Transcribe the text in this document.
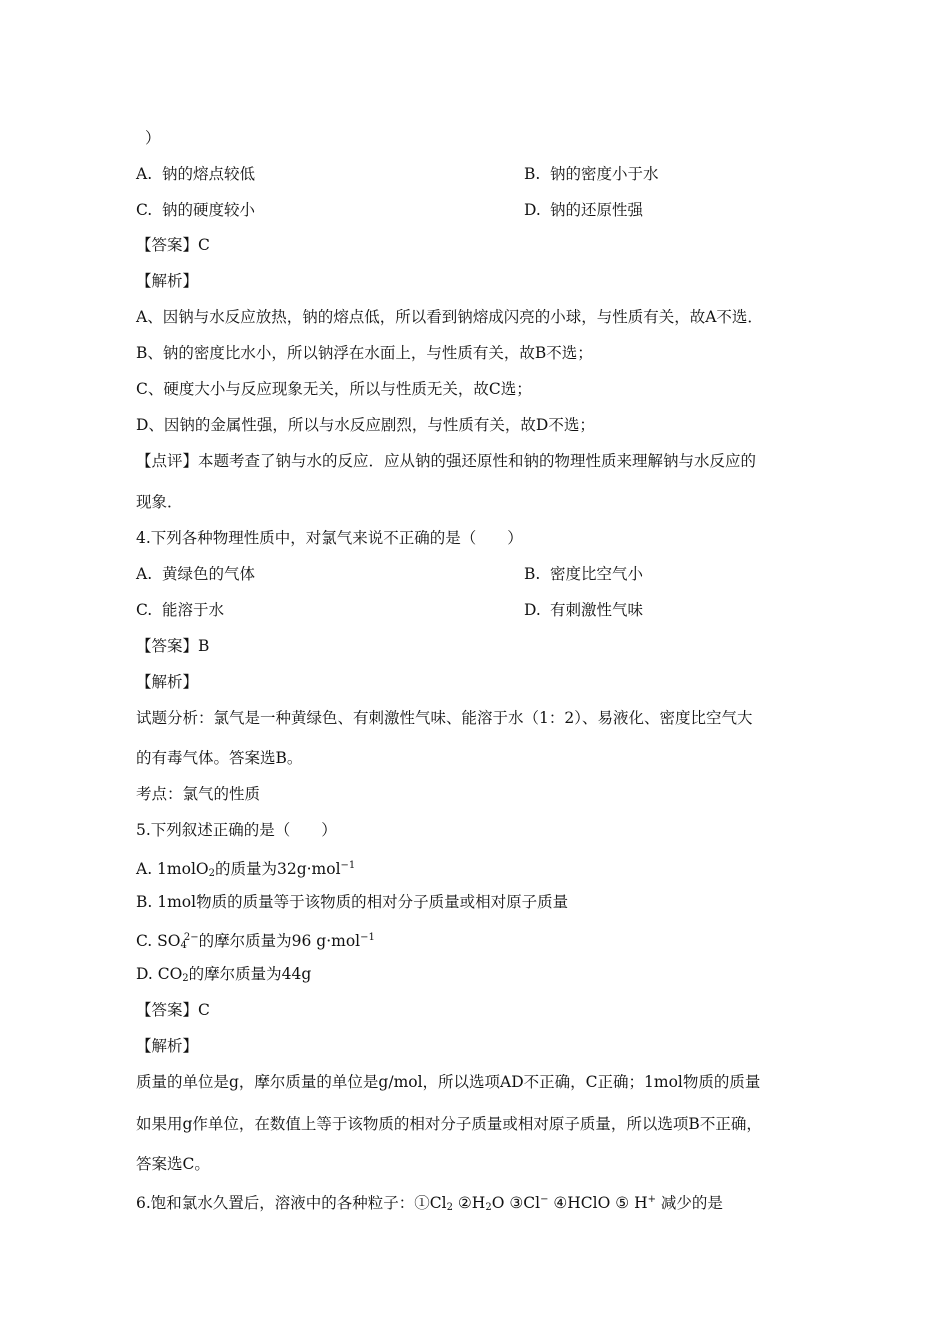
）
A. 钠的熔点较低	B. 钠的密度小于水
C. 钠的硬度较小	D. 钠的还原性强
【答案】C
【解析】
A、因钠与水反应放热，钠的熔点低，所以看到钠熔成闪亮的小球，与性质有关，故A不选．
B、钠的密度比水小，所以钠浮在水面上，与性质有关，故B不选；
C、硬度大小与反应现象无关，所以与性质无关，故C选；
D、因钠的金属性强，所以与水反应剧烈，与性质有关，故D不选；
【点评】本题考查了钠与水的反应．应从钠的强还原性和钠的物理性质来理解钠与水反应的
现象．
4.下列各种物理性质中，对氯气来说不正确的是（　　）
A. 黄绿色的气体	B. 密度比空气小
C. 能溶于水	D. 有刺激性气味
【答案】B
【解析】
试题分析：氯气是一种黄绿色、有刺激性气味、能溶于水（1：2）、易液化、密度比空气大
的有毒气体。答案选B。
考点：氯气的性质
5.下列叙述正确的是（　　）
A. 1molO$_2$的质量为32g·mol$^{-1}$
B. 1mol物质的质量等于该物质的相对分子质量或相对原子质量
C. $SO_4^{2-}$的摩尔质量为96 g·mol$^{-1}$
D. $CO_2$的摩尔质量为44g
【答案】C
【解析】
质量的单位是g，摩尔质量的单位是g/mol，所以选项AD不正确，C正确；1mol物质的质量
如果用g作单位，在数值上等于该物质的相对分子质量或相对原子质量，所以选项B不正确，
答案选C。
6.饱和氯水久置后，溶液中的各种粒子：$①Cl_2$ $②H_2O$ ③Cl− ④HClO ⑤ H+ 减少的是
